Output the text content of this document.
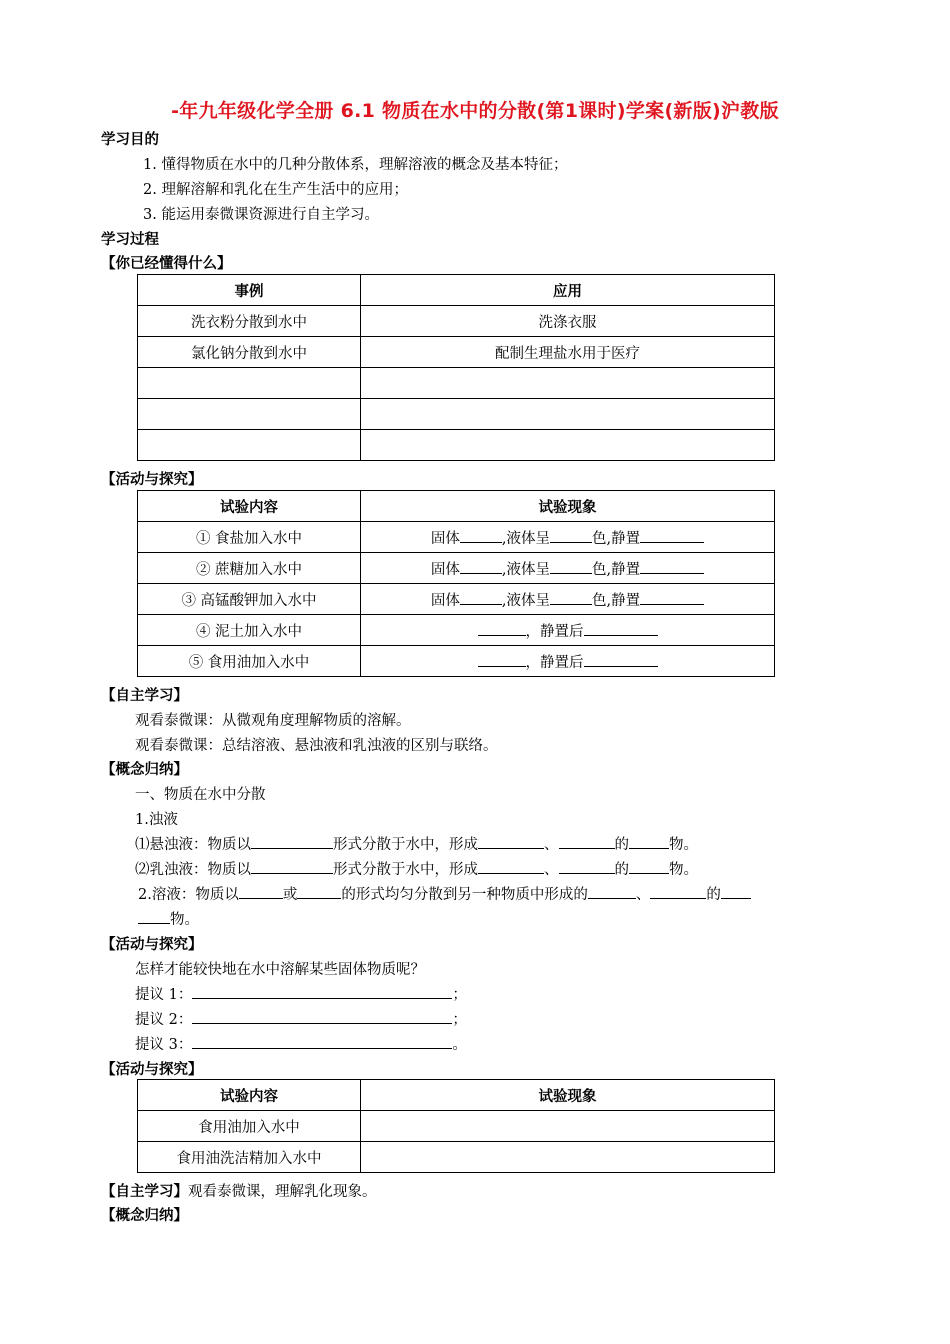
-年九年级化学全册 6.1 物质在水中的分散(第1课时)学案(新版)沪教版
学习目的
1. 懂得物质在水中的几种分散体系，理解溶液的概念及基本特征；
2. 理解溶解和乳化在生产生活中的应用；
3. 能运用泰微课资源进行自主学习。
学习过程
【你已经懂得什么】
事例	应用
洗衣粉分散到水中	洗涤衣服
氯化钠分散到水中	配制生理盐水用于医疗

【活动与探究】
试验内容	试验现象
① 食盐加入水中	固体 ,液体呈 色,静置
② 蔗糖加入水中	固体 ,液体呈 色,静置
③ 高锰酸钾加入水中	固体 ,液体呈 色,静置
④ 泥土加入水中	，静置后
⑤ 食用油加入水中	，静置后
【自主学习】
观看泰微课：从微观角度理解物质的溶解。
观看泰微课：总结溶液、悬浊液和乳浊液的区别与联络。
【概念归纳】
一、物质在水中分散
1.浊液
⑴悬浊液：物质以	形式分散于水中，形成	、	的	物。
⑵乳浊液：物质以	形式分散于水中，形成	、	的	物。
2.溶液：物质以	或	的形式均匀分散到另一种物质中形成的	、	的
物。
【活动与探究】
怎样才能较快地在水中溶解某些固体物质呢？
提议 1：	；
提议 2：	；
提议 3：	。
【活动与探究】
试验内容	试验现象
食用油加入水中	
食用油洗洁精加入水中	
【自主学习】观看泰微课，理解乳化现象。
【概念归纳】
